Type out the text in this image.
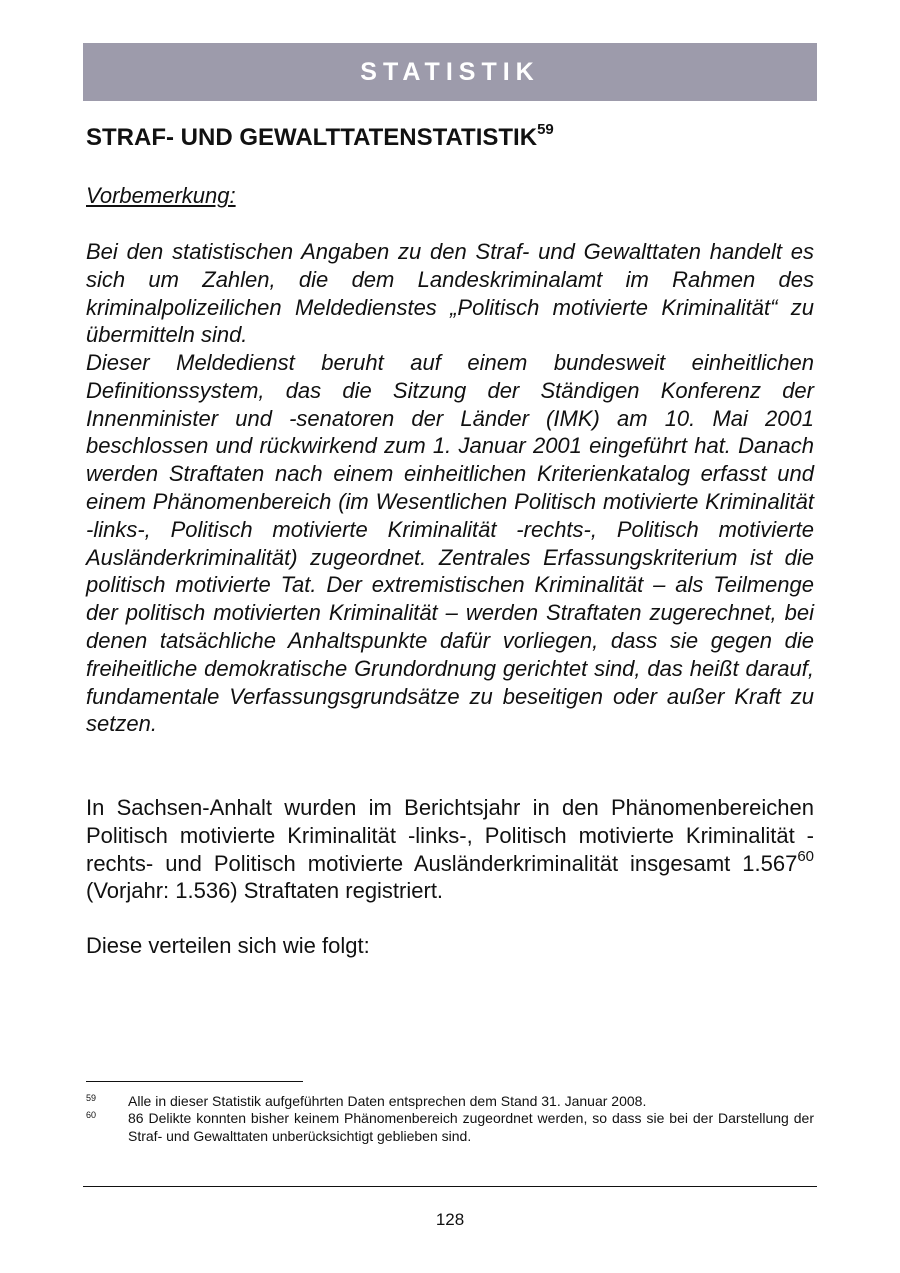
STATISTIK
STRAF- UND GEWALTTATENSTATISTIK$^{59}$
Vorbemerkung:

Bei den statistischen Angaben zu den Straf- und Gewalttaten handelt es sich um Zahlen, die dem Landeskriminalamt im Rahmen des kriminalpolizeilichen Meldedienstes „Politisch motivierte Kriminalität“ zu übermitteln sind.

Dieser Meldedienst beruht auf einem bundesweit einheitlichen Definitionssystem, das die Sitzung der Ständigen Konferenz der Innenminister und -senatoren der Länder (IMK) am 10. Mai 2001 beschlossen und rückwirkend zum 1. Januar 2001 eingeführt hat. Danach werden Straftaten nach einem einheitlichen Kriterienkatalog erfasst und einem Phänomenbereich (im Wesentlichen Politisch motivierte Kriminalität -links-, Politisch motivierte Kriminalität -rechts-, Politisch motivierte Ausländerkriminalität) zugeordnet. Zentrales Erfassungskriterium ist die politisch motivierte Tat. Der extremistischen Kriminalität – als Teilmenge der politisch motivierten Kriminalität – werden Straftaten zugerechnet, bei denen tatsächliche Anhaltspunkte dafür vorliegen, dass sie gegen die freiheitliche demokratische Grundordnung gerichtet sind, das heißt darauf, fundamentale Verfassungsgrundsätze zu beseitigen oder außer Kraft zu setzen.

In Sachsen-Anhalt wurden im Berichtsjahr in den Phänomenbereichen Politisch motivierte Kriminalität -links-, Politisch motivierte Kriminalität -rechts- und Politisch motivierte Ausländerkriminalität insgesamt 1.567$^{60}$ (Vorjahr: 1.536) Straftaten registriert.

Diese verteilen sich wie folgt:

59 Alle in dieser Statistik aufgeführten Daten entsprechen dem Stand 31. Januar 2008.
60 86 Delikte konnten bisher keinem Phänomenbereich zugeordnet werden, so dass sie bei der Darstellung der Straf- und Gewalttaten unberücksichtigt geblieben sind.
128
